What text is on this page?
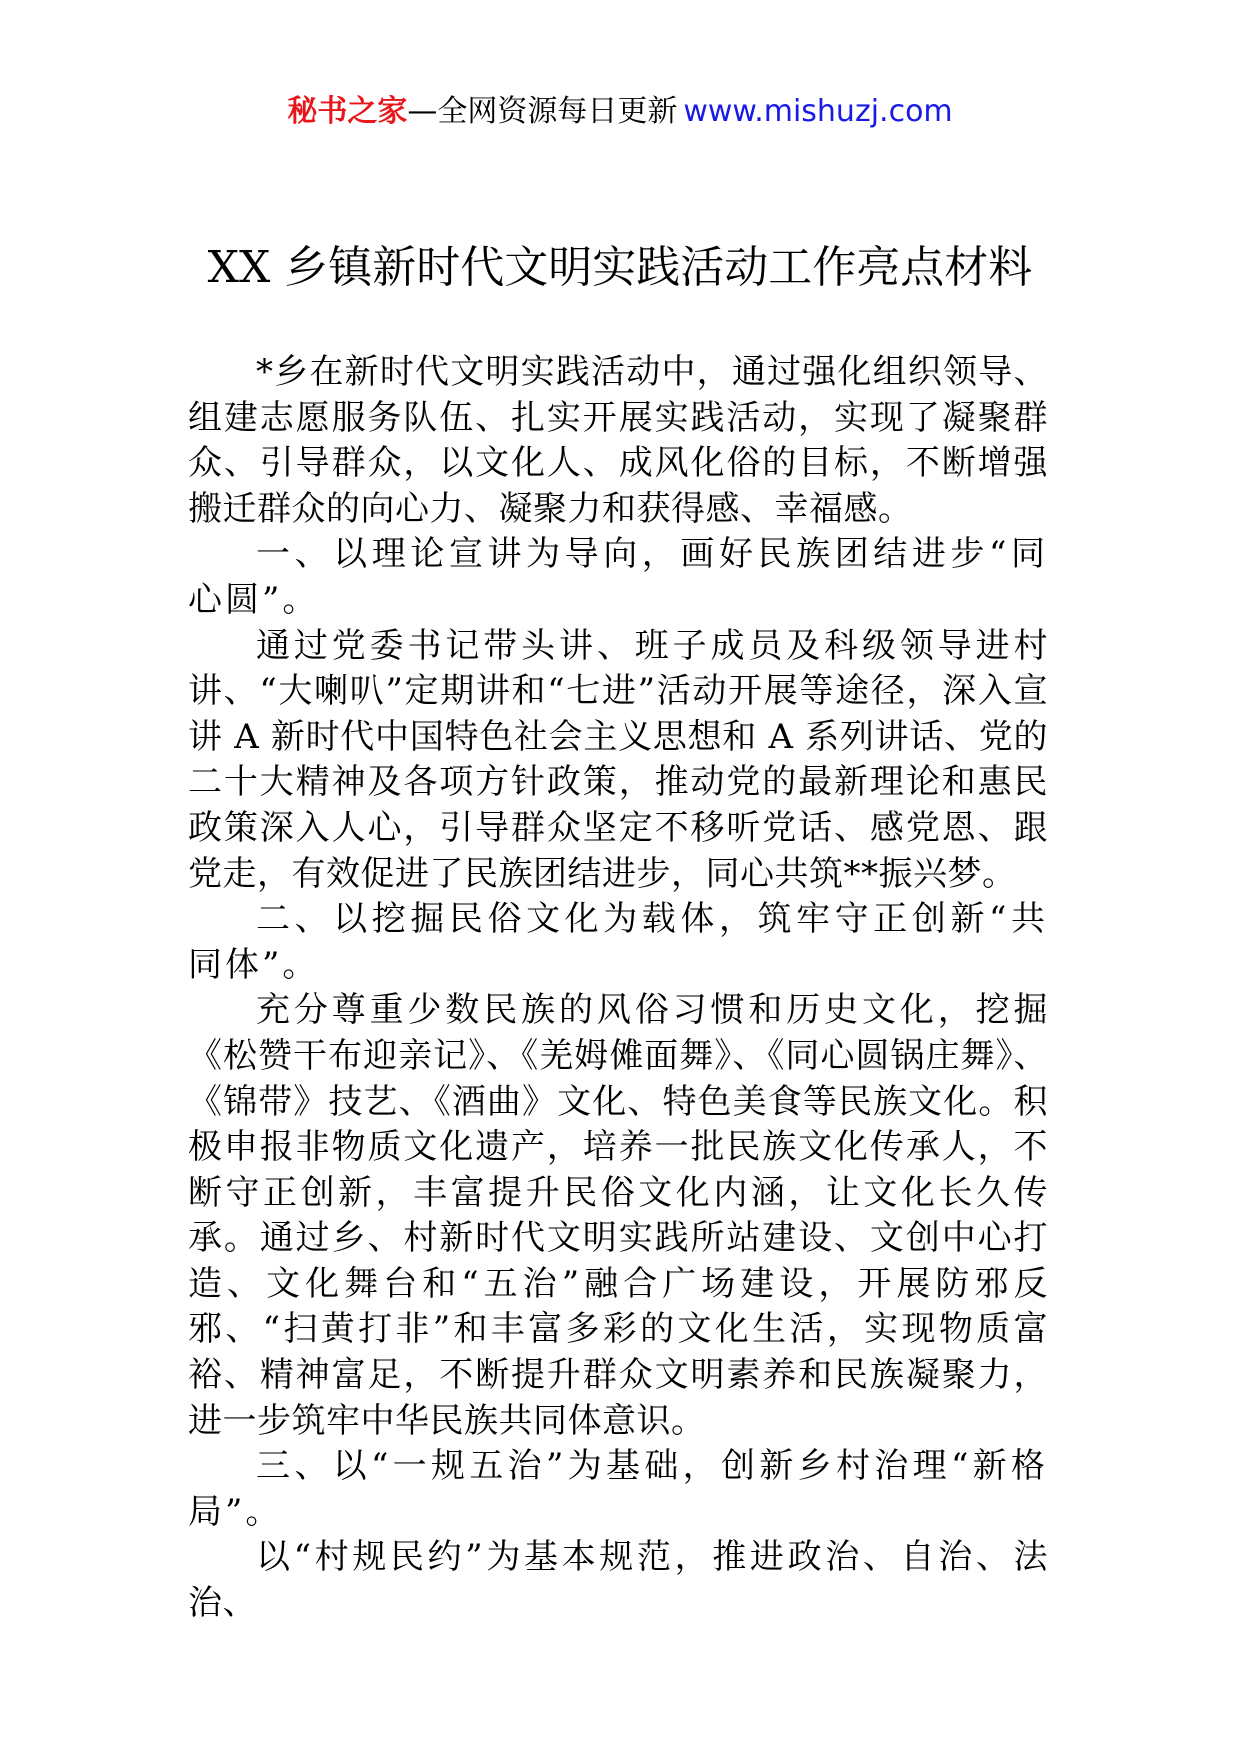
秘书之家—全网资源每日更新 www.mishuzj.com
XX 乡镇新时代文明实践活动工作亮点材料

*乡在新时代文明实践活动中，通过强化组织领导、组建志愿服务队伍、扎实开展实践活动，实现了凝聚群众、引导群众，以文化人、成风化俗的目标，不断增强搬迁群众的向心力、凝聚力和获得感、幸福感。

一、以理论宣讲为导向，画好民族团结进步“同心圆”。

通过党委书记带头讲、班子成员及科级领导进村讲、“大喇叭”定期讲和“七进”活动开展等途径，深入宣讲 A 新时代中国特色社会主义思想和 A 系列讲话、党的二十大精神及各项方针政策，推动党的最新理论和惠民政策深入人心，引导群众坚定不移听党话、感党恩、跟党走，有效促进了民族团结进步，同心共筑**振兴梦。

二、以挖掘民俗文化为载体，筑牢守正创新“共同体”。

充分尊重少数民族的风俗习惯和历史文化，挖掘《松赞干布迎亲记》、《羌姆傩面舞》、《同心圆锅庄舞》、《锦带》技艺、《酒曲》文化、特色美食等民族文化。积极申报非物质文化遗产，培养一批民族文化传承人，不断守正创新，丰富提升民俗文化内涵，让文化长久传承。通过乡、村新时代文明实践所站建设、文创中心打造、文化舞台和“五治”融合广场建设，开展防邪反邪、“扫黄打非”和丰富多彩的文化生活，实现物质富裕、精神富足，不断提升群众文明素养和民族凝聚力，进一步筑牢中华民族共同体意识。

三、以“一规五治”为基础，创新乡村治理“新格局”。

以“村规民约”为基本规范，推进政治、自治、法治、
